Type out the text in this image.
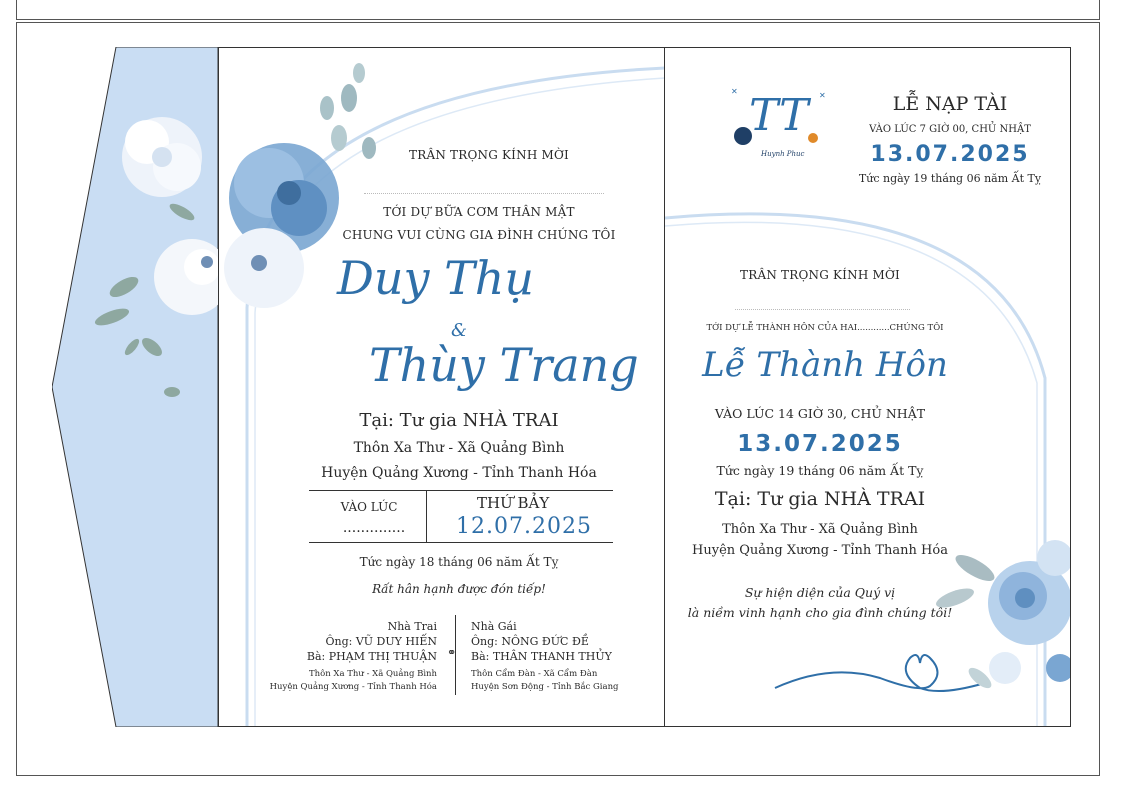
TRÂN TRỌNG KÍNH MỜI
TỚI DỰ BỮA CƠM THÂN MẬT
CHUNG VUI CÙNG GIA ĐÌNH CHÚNG TÔI
Duy Thụ
&
Thùy Trang
Tại: Tư gia NHÀ TRAI
Thôn Xa Thư - Xã Quảng Bình
Huyện Quảng Xương - Tỉnh Thanh Hóa
VÀO LÚC
..............
THỨ BẢY
12.07.2025
Tức ngày 18 tháng 06 năm Ất Tỵ
Rất hân hạnh được đón tiếp!
Nhà Trai
Ông: VŨ DUY HIẾN
Bà: PHẠM THỊ THUẬN
Thôn Xa Thư - Xã Quảng Bình
Huyện Quảng Xương - Tỉnh Thanh Hóa
⚭
Nhà Gái
Ông: NÔNG ĐỨC ĐỀ
Bà: THÂN THANH THỦY
Thôn Cẩm Đàn - Xã Cẩm Đàn
Huyện Sơn Động - Tỉnh Bắc Giang
✕	✕
TT
Huynh Phuc
LỄ NẠP TÀI
VÀO LÚC 7 GIỜ 00, CHỦ NHẬT
13.07.2025
Tức ngày 19 tháng 06 năm Ất Tỵ
TRÂN TRỌNG KÍNH MỜI
TỚI DỰ LỄ THÀNH HÔN CỦA HAI............CHÚNG TÔI
Lễ Thành Hôn
VÀO LÚC 14 GIỜ 30, CHỦ NHẬT
13.07.2025
Tức ngày 19 tháng 06 năm Ất Tỵ
Tại: Tư gia NHÀ TRAI
Thôn Xa Thư - Xã Quảng Bình
Huyện Quảng Xương - Tỉnh Thanh Hóa
Sự hiện diện của Quý vị
là niềm vinh hạnh cho gia đình chúng tôi!
